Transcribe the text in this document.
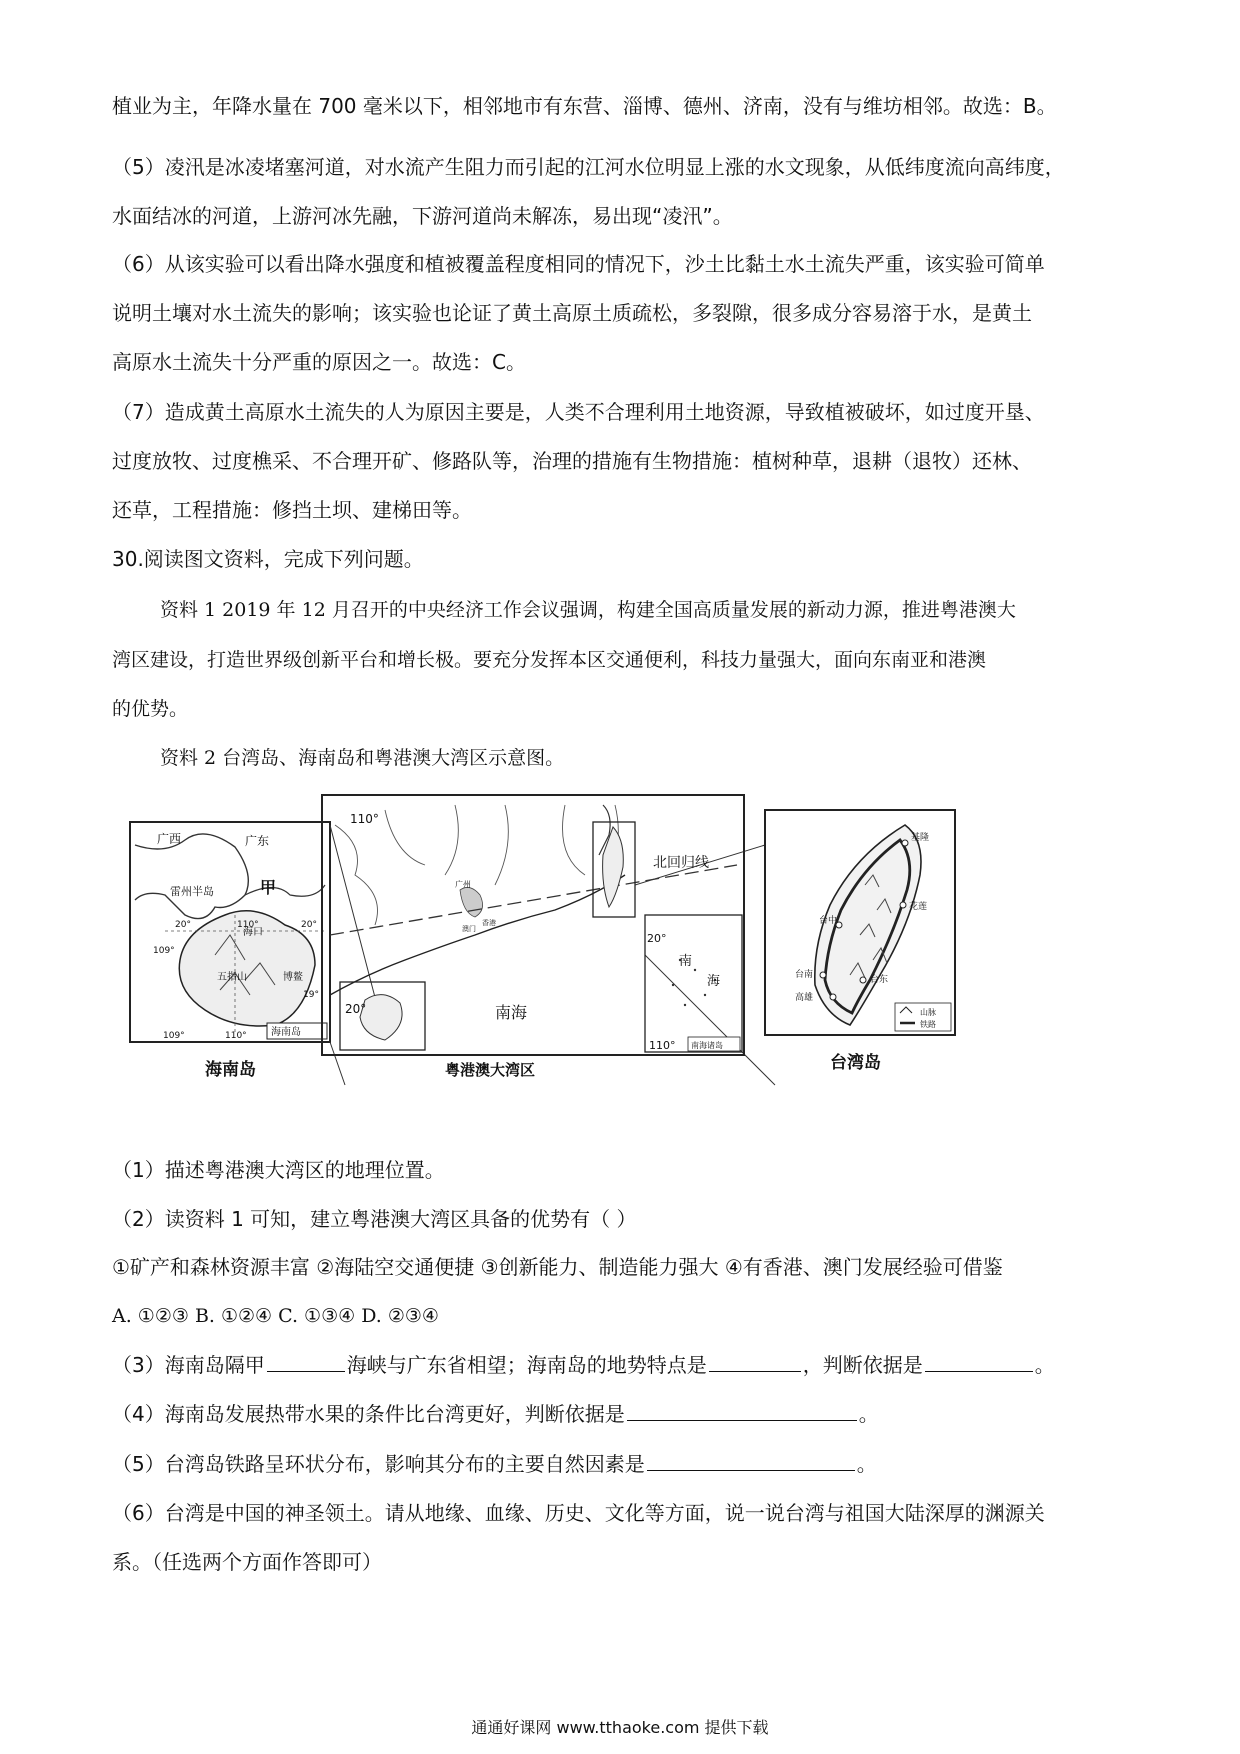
植业为主，年降水量在 700 毫米以下，相邻地市有东营、淄博、德州、济南，没有与维坊相邻。故选：B。
（5）凌汛是冰凌堵塞河道，对水流产生阻力而引起的江河水位明显上涨的水文现象，从低纬度流向高纬度，
水面结冰的河道，上游河冰先融，下游河道尚未解冻，易出现“凌汛”。
（6）从该实验可以看出降水强度和植被覆盖程度相同的情况下，沙土比黏土水土流失严重，该实验可简单
说明土壤对水土流失的影响；该实验也论证了黄土高原土质疏松，多裂隙，很多成分容易溶于水，是黄土
高原水土流失十分严重的原因之一。故选：C。
（7）造成黄土高原水土流失的人为原因主要是，人类不合理利用土地资源，导致植被破坏，如过度开垦、
过度放牧、过度樵采、不合理开矿、修路队等，治理的措施有生物措施：植树种草，退耕（退牧）还林、
还草，工程措施：修挡土坝、建梯田等。
30.阅读图文资料，完成下列问题。
资料 1 2019 年 12 月召开的中央经济工作会议强调，构建全国高质量发展的新动力源，推进粤港澳大
湾区建设，打造世界级创新平台和增长极。要充分发挥本区交通便利，科技力量强大，面向东南亚和港澳
的优势。
资料 2 台湾岛、海南岛和粤港澳大湾区示意图。
广西	广东
雷州半岛	甲
海口
五指山	博鳌
海南岛
20°	110°	20°
109°
19°
109°	110°
海南岛
110°
20°
20°
110°
北回归线
广州
澳门
香港
南海
南
海
南海诸岛
粤港澳大湾区
基隆
台中
花莲
台南	台东
高雄
山脉
铁路
台湾岛
（1）描述粤港澳大湾区的地理位置。
（2）读资料 1 可知，建立粤港澳大湾区具备的优势有（ ）
①矿产和森林资源丰富 ②海陆空交通便捷 ③创新能力、制造能力强大 ④有香港、澳门发展经验可借鉴
A. ①②③ B. ①②④ C. ①③④ D. ②③④
（3）海南岛隔甲	海峡与广东省相望；海南岛的地势特点是	，判断依据是	。
（4）海南岛发展热带水果的条件比台湾更好，判断依据是	。
（5）台湾岛铁路呈环状分布，影响其分布的主要自然因素是	。
（6）台湾是中国的神圣领土。请从地缘、血缘、历史、文化等方面，说一说台湾与祖国大陆深厚的渊源关
系。（任选两个方面作答即可）
通通好课网 www.tthaoke.com 提供下载
